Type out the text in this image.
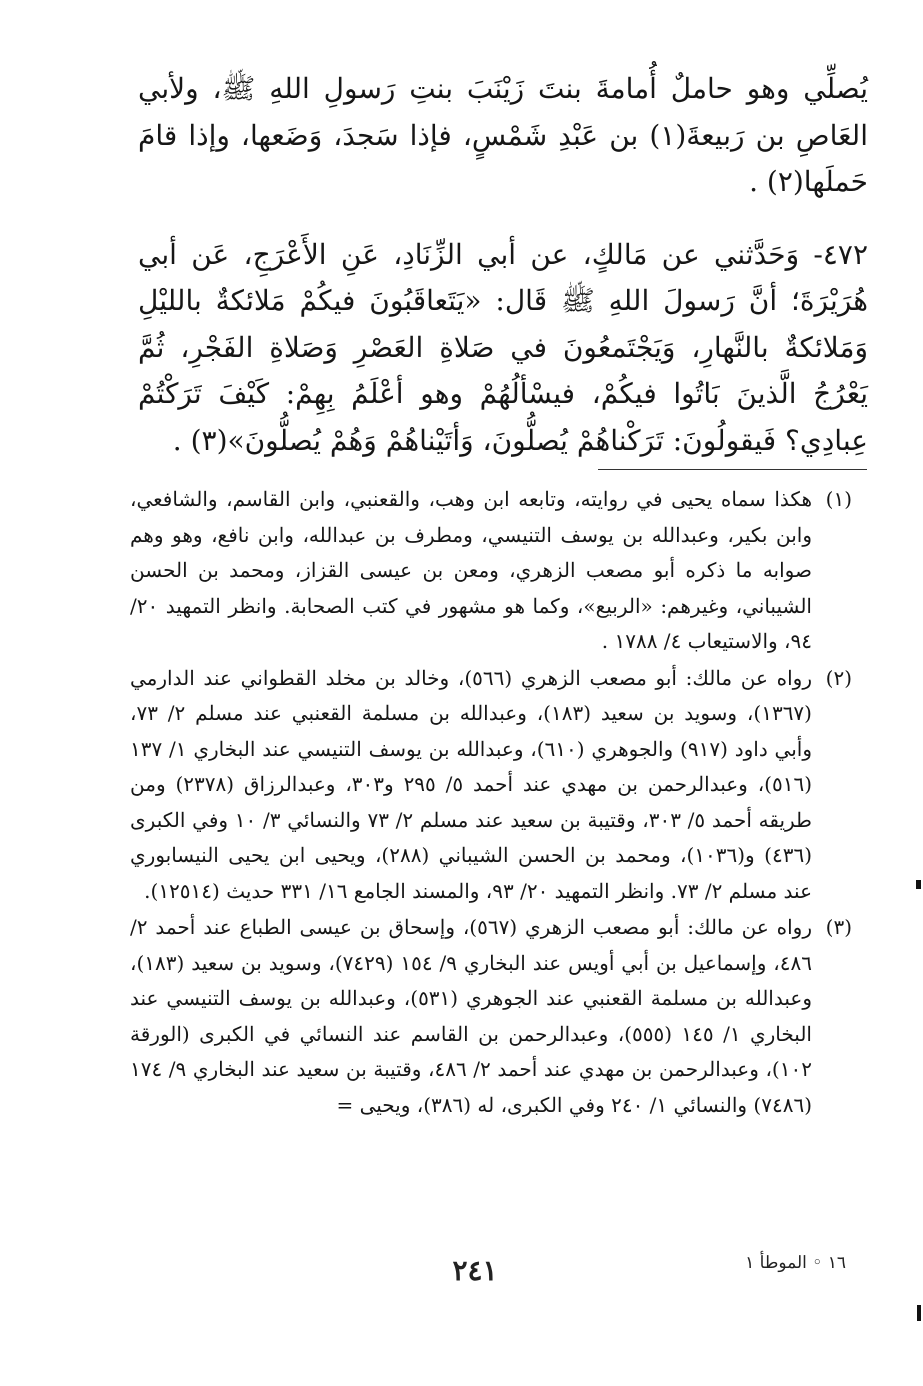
يُصلِّي وهو حاملٌ أُمامةَ بنتَ زَيْنَبَ بنتِ رَسولِ اللهِ ﷺ، ولأبي العَاصِ بن رَبيعةَ(١) بن عَبْدِ شَمْسٍ، فإذا سَجدَ، وَضَعها، وإذا قامَ حَملَها(٢) .

٤٧٢- وَحَدَّثني عن مَالكٍ، عن أبي الزِّنَادِ، عَنِ الأَعْرَجِ، عَن أبي هُرَيْرَةَ؛ أنَّ رَسولَ اللهِ ﷺ قَال: «يَتَعاقَبُونَ فيكُمْ مَلائكةٌ بالليْلِ وَمَلائكةٌ بالنَّهارِ، وَيَجْتَمعُونَ في صَلاةِ العَصْرِ وَصَلاةِ الفَجْرِ، ثُمَّ يَعْرُجُ الَّذينَ بَاتُوا فيكُمْ، فيسْألُهُمْ وهو أعْلَمُ بِهِمْ: كَيْفَ تَرَكْتُمْ عِبادِي؟ فَيقولُونَ: تَرَكْناهُمْ يُصلُّونَ، وَأتَيْناهُمْ وَهُمْ يُصلُّونَ»(٣) .

(١)
هكذا سماه يحيى في روايته، وتابعه ابن وهب، والقعنبي، وابن القاسم، والشافعي، وابن بكير، وعبدالله بن يوسف التنيسي، ومطرف بن عبدالله، وابن نافع، وهو وهم صوابه ما ذكره أبو مصعب الزهري، ومعن بن عيسى القزاز، ومحمد بن الحسن الشيباني، وغيرهم: «الربيع»، وكما هو مشهور في كتب الصحابة. وانظر التمهيد ٢٠/ ٩٤، والاستيعاب ٤/ ١٧٨٨ .
(٢)
رواه عن مالك: أبو مصعب الزهري (٥٦٦)، وخالد بن مخلد القطواني عند الدارمي (١٣٦٧)، وسويد بن سعيد (١٨٣)، وعبدالله بن مسلمة القعنبي عند مسلم ٢/ ٧٣، وأبي داود (٩١٧) والجوهري (٦١٠)، وعبدالله بن يوسف التنيسي عند البخاري ١/ ١٣٧ (٥١٦)، وعبدالرحمن بن مهدي عند أحمد ٥/ ٢٩٥ و٣٠٣، وعبدالرزاق (٢٣٧٨) ومن طريقه أحمد ٥/ ٣٠٣، وقتيبة بن سعيد عند مسلم ٢/ ٧٣ والنسائي ٣/ ١٠ وفي الكبرى (٤٣٦) و(١٠٣٦)، ومحمد بن الحسن الشيباني (٢٨٨)، ويحيى ابن يحيى النيسابوري عند مسلم ٢/ ٧٣. وانظر التمهيد ٢٠/ ٩٣، والمسند الجامع ١٦/ ٣٣١ حديث (١٢٥١٤).
(٣)
رواه عن مالك: أبو مصعب الزهري (٥٦٧)، وإسحاق بن عيسى الطباع عند أحمد ٢/ ٤٨٦، وإسماعيل بن أبي أويس عند البخاري ٩/ ١٥٤ (٧٤٢٩)، وسويد بن سعيد (١٨٣)، وعبدالله بن مسلمة القعنبي عند الجوهري (٥٣١)، وعبدالله بن يوسف التنيسي عند البخاري ١/ ١٤٥ (٥٥٥)، وعبدالرحمن بن القاسم عند النسائي في الكبرى (الورقة ١٠٢)، وعبدالرحمن بن مهدي عند أحمد ٢/ ٤٨٦، وقتيبة بن سعيد عند البخاري ٩/ ١٧٤ (٧٤٨٦) والنسائي ١/ ٢٤٠ وفي الكبرى، له (٣٨٦)، ويحيى =
١٦ ◦ الموطأ ١
٢٤١
